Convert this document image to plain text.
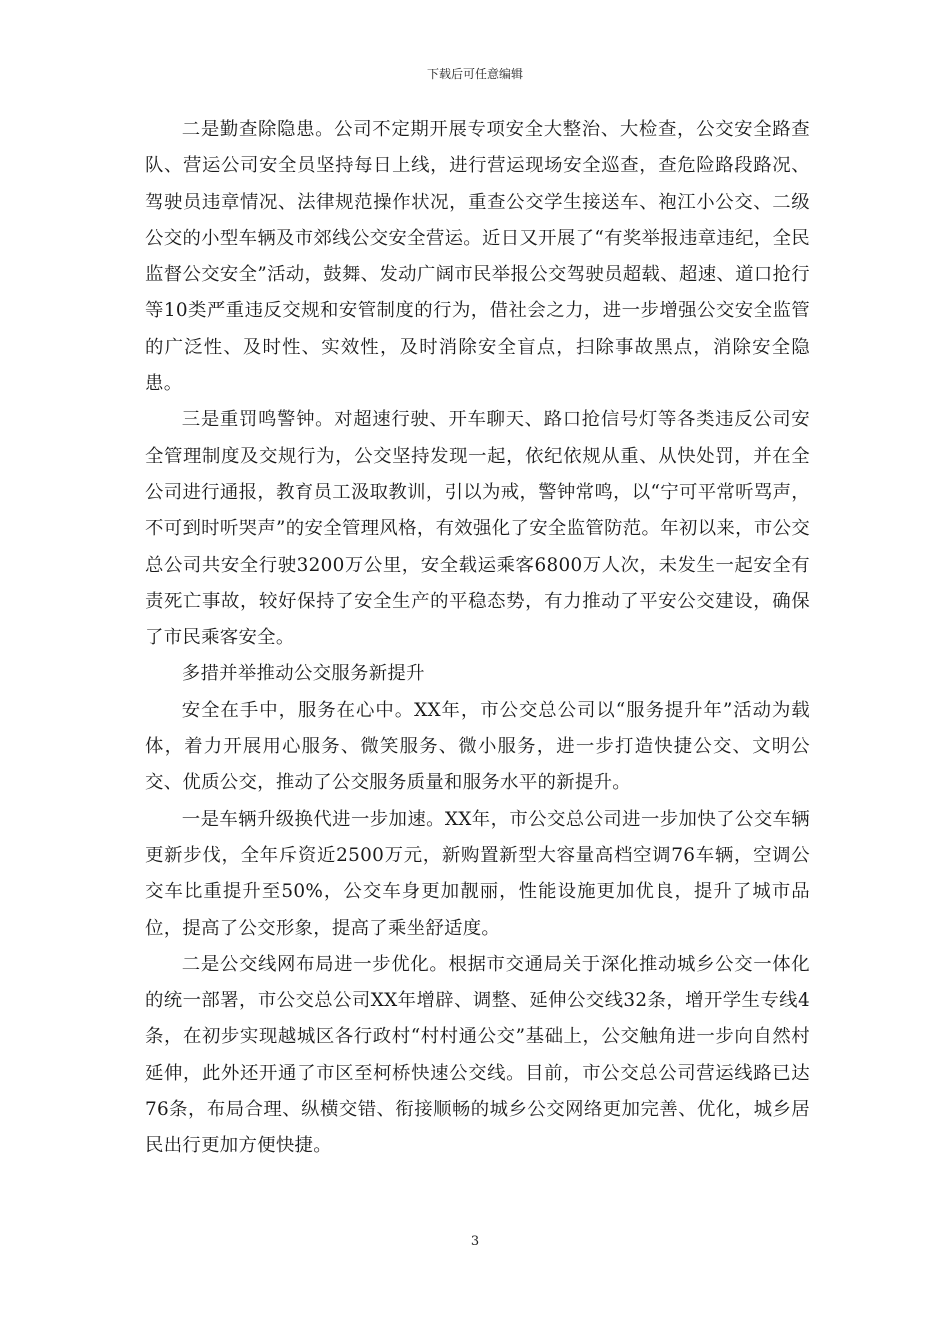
下载后可任意编辑

二是勤查除隐患。公司不定期开展专项安全大整治、大检查，公交安全路查队、营运公司安全员坚持每日上线，进行营运现场安全巡查，查危险路段路况、驾驶员违章情况、法律规范操作状况，重查公交学生接送车、袍江小公交、二级公交的小型车辆及市郊线公交安全营运。近日又开展了“有奖举报违章违纪，全民监督公交安全”活动，鼓舞、发动广阔市民举报公交驾驶员超载、超速、道口抢行等10类严重违反交规和安管制度的行为，借社会之力，进一步增强公交安全监管的广泛性、及时性、实效性，及时消除安全盲点，扫除事故黑点，消除安全隐患。

三是重罚鸣警钟。对超速行驶、开车聊天、路口抢信号灯等各类违反公司安全管理制度及交规行为，公交坚持发现一起，依纪依规从重、从快处罚，并在全公司进行通报，教育员工汲取教训，引以为戒，警钟常鸣，以“宁可平常听骂声，不可到时听哭声”的安全管理风格，有效强化了安全监管防范。年初以来，市公交总公司共安全行驶3200万公里，安全载运乘客6800万人次，未发生一起安全有责死亡事故，较好保持了安全生产的平稳态势，有力推动了平安公交建设，确保了市民乘客安全。

多措并举推动公交服务新提升

安全在手中，服务在心中。XX年，市公交总公司以“服务提升年”活动为载体，着力开展用心服务、微笑服务、微小服务，进一步打造快捷公交、文明公交、优质公交，推动了公交服务质量和服务水平的新提升。

一是车辆升级换代进一步加速。XX年，市公交总公司进一步加快了公交车辆更新步伐，全年斥资近2500万元，新购置新型大容量高档空调76车辆，空调公交车比重提升至50%，公交车身更加靓丽，性能设施更加优良，提升了城市品位，提高了公交形象，提高了乘坐舒适度。

二是公交线网布局进一步优化。根据市交通局关于深化推动城乡公交一体化的统一部署，市公交总公司XX年增辟、调整、延伸公交线32条，增开学生专线4条，在初步实现越城区各行政村“村村通公交”基础上，公交触角进一步向自然村延伸，此外还开通了市区至柯桥快速公交线。目前，市公交总公司营运线路已达76条，布局合理、纵横交错、衔接顺畅的城乡公交网络更加完善、优化，城乡居民出行更加方便快捷。

3
